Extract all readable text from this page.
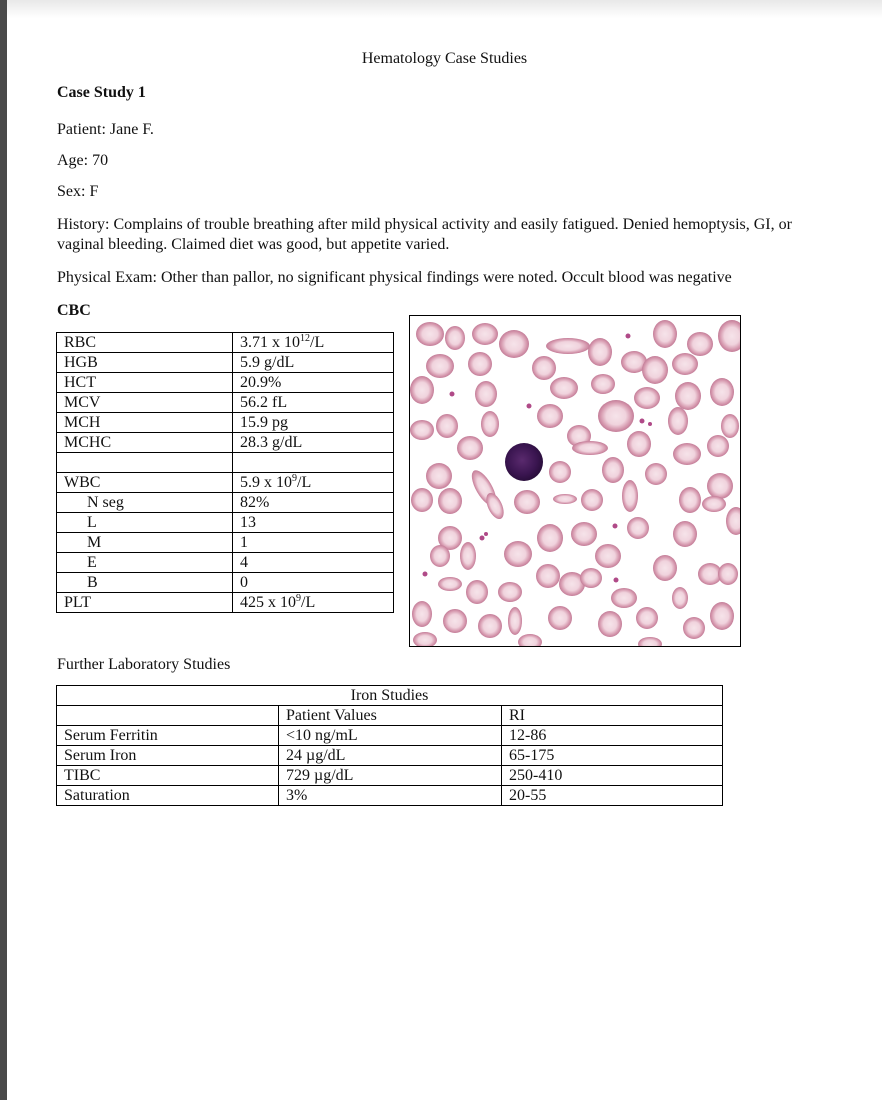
Hematology Case Studies
Case Study 1
Patient: Jane F.
Age: 70
Sex: F
History: Complains of trouble breathing after mild physical activity and easily fatigued. Denied hemoptysis, GI, or vaginal bleeding. Claimed diet was good, but appetite varied.
Physical Exam: Other than pallor, no significant physical findings were noted. Occult blood was negative
CBC
RBC	3.71 x $10^{12}/L$
HGB	5.9 g/dL
HCT	20.9%
MCV	56.2 fL
MCH	15.9 pg
MCHC	28.3 g/dL

WBC	5.9 x $10^9/L$
N seg	82%
L	13
M	1
E	4
B	0
PLT	425 x $10^9/L$
Further Laboratory Studies
Iron Studies		
	Patient Values	RI
Serum Ferritin	<10 ng/mL	12-86
Serum Iron	24 µg/dL	65-175
TIBC	729 µg/dL	250-410
Saturation	3%	20-55
